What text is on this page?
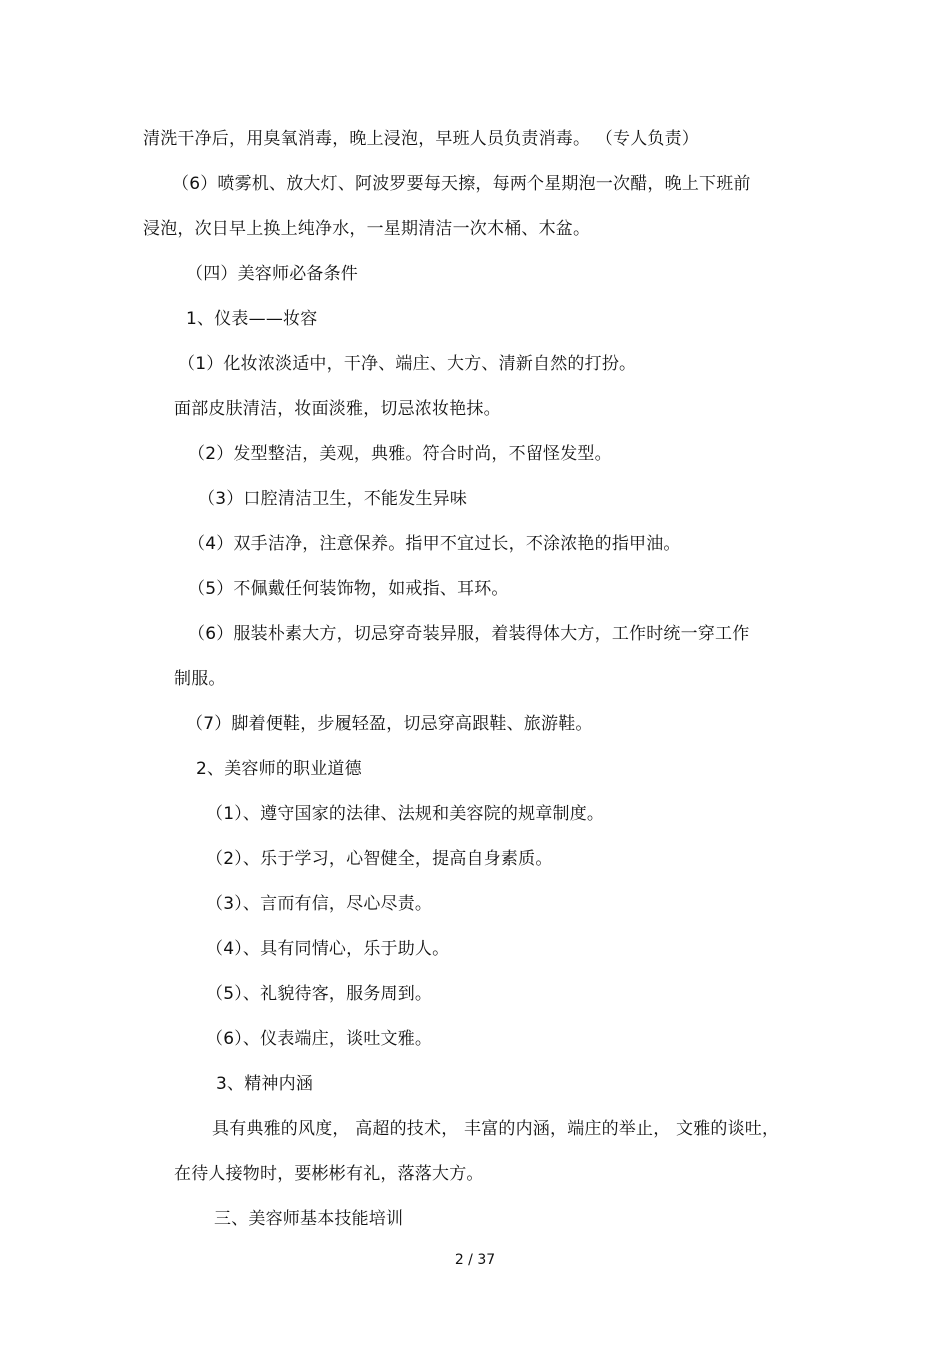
清洗干净后，用臭氧消毒，晚上浸泡，早班人员负责消毒。 （专人负责）
（6）喷雾机、放大灯、阿波罗要每天擦，每两个星期泡一次醋，晚上下班前
浸泡，次日早上换上纯净水，一星期清洁一次木桶、木盆。
（四）美容师必备条件
1、仪表——妆容
（1）化妆浓淡适中，干净、端庄、大方、清新自然的打扮。
面部皮肤清洁，妆面淡雅，切忌浓妆艳抹。
（2）发型整洁，美观，典雅。符合时尚，不留怪发型。
（3）口腔清洁卫生，不能发生异味
（4）双手洁净，注意保养。指甲不宜过长，不涂浓艳的指甲油。
（5）不佩戴任何装饰物，如戒指、耳环。
（6）服装朴素大方，切忌穿奇装异服，着装得体大方，工作时统一穿工作
制服。
（7）脚着便鞋，步履轻盈，切忌穿高跟鞋、旅游鞋。
2、美容师的职业道德
（1）、遵守国家的法律、法规和美容院的规章制度。
（2）、乐于学习，心智健全，提高自身素质。
（3）、言而有信，尽心尽责。
（4）、具有同情心，乐于助人。
（5）、礼貌待客，服务周到。
（6）、仪表端庄，谈吐文雅。
3、精神内涵
具有典雅的风度， 高超的技术， 丰富的内涵，端庄的举止， 文雅的谈吐，
在待人接物时，要彬彬有礼，落落大方。
三、美容师基本技能培训
2 / 37
